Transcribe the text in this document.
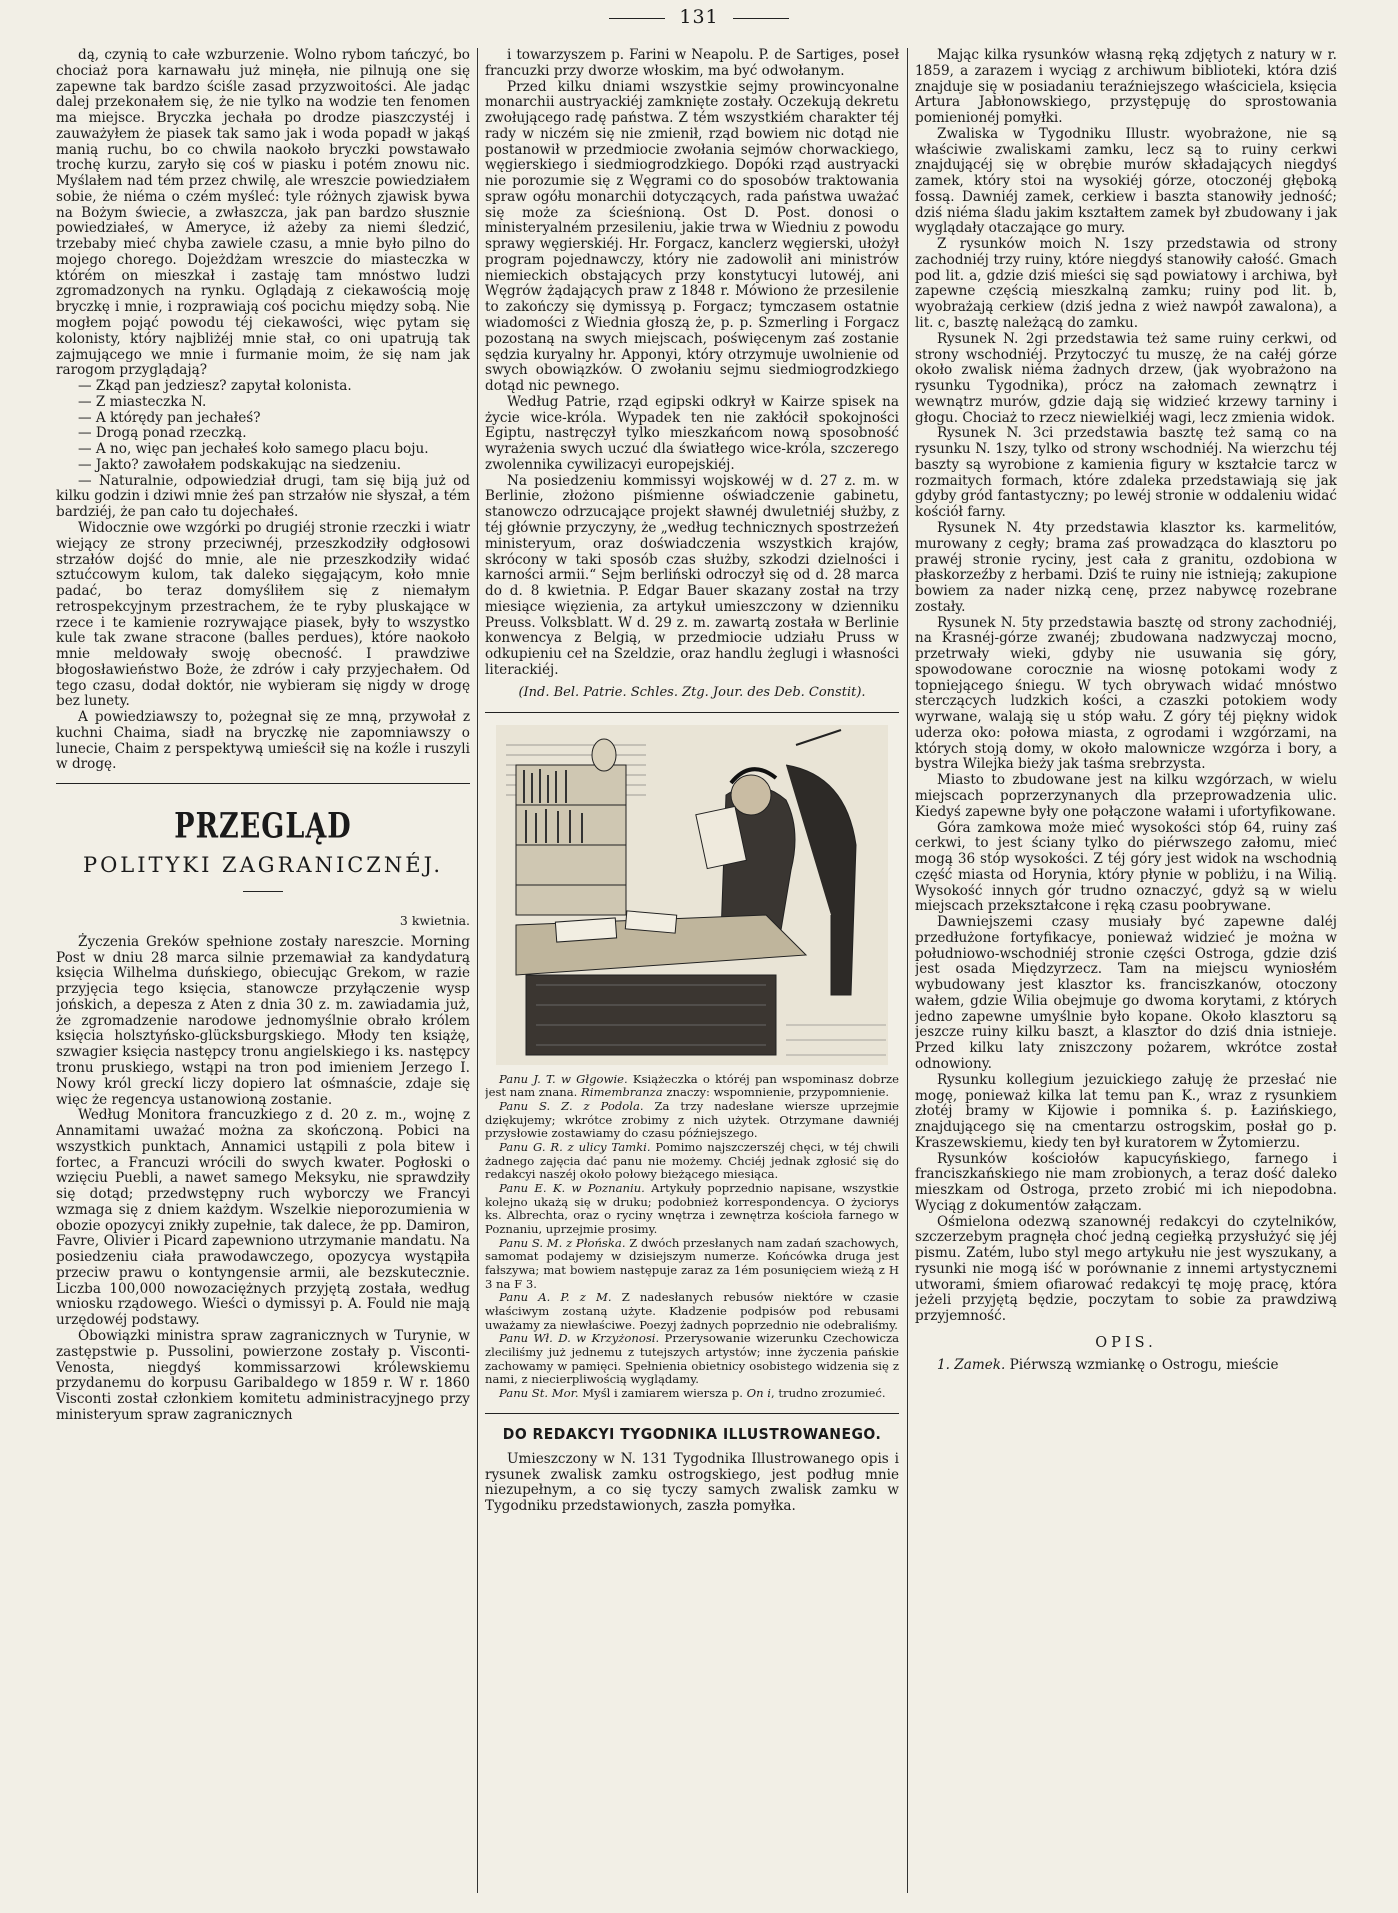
131

dą, czynią to całe wzburzenie. Wolno rybom tańczyć, bo chociaż pora karnawału już minęła, nie pilnują one się zapewne tak bardzo ściśle zasad przyzwoitości. Ale jadąc dalej przekonałem się, że nie tylko na wodzie ten fenomen ma miejsce. Bryczka jechała po drodze piaszczystéj i zauważyłem że piasek tak samo jak i woda popadł w jakąś manią ruchu, bo co chwila naokoło bryczki powstawało trochę kurzu, zaryło się coś w piasku i potém znowu nic. Myślałem nad tém przez chwilę, ale wreszcie powiedziałem sobie, że niéma o czém myśleć: tyle różnych zjawisk bywa na Bożym świecie, a zwłaszcza, jak pan bardzo słusznie powiedziałeś, w Ameryce, iż ażeby za niemi śledzić, trzebaby mieć chyba zawiele czasu, a mnie było pilno do mojego chorego. Dojeżdżam wreszcie do miasteczka w którém on mieszkał i zastaję tam mnóstwo ludzi zgromadzonych na rynku. Oglądają z ciekawością moję bryczkę i mnie, i rozprawiają coś pocichu między sobą. Nie mogłem pojąć powodu téj ciekawości, więc pytam się kolonisty, który najbliżéj mnie stał, co oni upatrują tak zajmującego we mnie i furmanie moim, że się nam jak rarogom przyglądają?

— Zkąd pan jedziesz? zapytał kolonista.

— Z miasteczka N.

— A którędy pan jechałeś?

— Drogą ponad rzeczką.

— A no, więc pan jechałeś koło samego placu boju.

— Jakto? zawołałem podskakując na siedzeniu.

— Naturalnie, odpowiedział drugi, tam się biją już od kilku godzin i dziwi mnie żeś pan strzałów nie słyszał, a tém bardziéj, że pan cało tu dojechałeś.

Widocznie owe wzgórki po drugiéj stronie rzeczki i wiatr wiejący ze strony przeciwnéj, przeszkodziły odgłosowi strzałów dojść do mnie, ale nie przeszkodziły widać sztućcowym kulom, tak daleko sięgającym, koło mnie padać, bo teraz domyśliłem się z niemałym retrospekcyjnym przestrachem, że te ryby pluskające w rzece i te kamienie rozrywające piasek, były to wszystko kule tak zwane stracone (balles perdues), które naokoło mnie meldowały swoję obecność. I prawdziwe błogosławieństwo Boże, że zdrów i cały przyjechałem. Od tego czasu, dodał doktór, nie wybieram się nigdy w drogę bez lunety.

A powiedziawszy to, pożegnał się ze mną, przywołał z kuchni Chaima, siadł na bryczkę nie zapomniawszy o lunecie, Chaim z perspektywą umieścił się na koźle i ruszyli w drogę.

PRZEGLĄD
POLITYKI ZAGRANICZNÉJ.
3 kwietnia.

Życzenia Greków spełnione zostały nareszcie. Morning Post w dniu 28 marca silnie przemawiał za kandydaturą księcia Wilhelma duńskiego, obiecując Grekom, w razie przyjęcia tego księcia, stanowcze przyłączenie wysp jońskich, a depesza z Aten z dnia 30 z. m. zawiadamia już, że zgromadzenie narodowe jednomyślnie obrało królem księcia holsztyńsko-glücksburgskiego. Młody ten książę, szwagier księcia następcy tronu angielskiego i ks. następcy tronu pruskiego, wstąpi na tron pod imieniem Jerzego I. Nowy król greckí liczy dopiero lat ośmnaście, zdaje się więc że regencya ustanowioną zostanie.

Według Monitora francuzkiego z d. 20 z. m., wojnę z Annamitami uważać można za skończoną. Pobici na wszystkich punktach, Annamici ustąpili z pola bitew i fortec, a Francuzi wrócili do swych kwater. Pogłoski o wzięciu Puebli, a nawet samego Meksyku, nie sprawdziły się dotąd; przedwstępny ruch wyborczy we Francyi wzmaga się z dniem każdym. Wszelkie nieporozumienia w obozie opozycyi znikły zupełnie, tak dalece, że pp. Damiron, Favre, Olivier i Picard zapewniono utrzymanie mandatu. Na posiedzeniu ciała prawodawczego, opozycya wystąpiła przeciw prawu o kontyngensie armii, ale bezskutecznie. Liczba 100,000 nowozaciężnych przyjętą została, według wniosku rządowego. Wieści o dymissyi p. A. Fould nie mają urzędowéj podstawy.

Obowiązki ministra spraw zagranicznych w Turynie, w zastępstwie p. Pussolini, powierzone zostały p. Visconti-Venosta, niegdyś kommissarzowi królewskiemu przydanemu do korpusu Garibaldego w 1859 r. W r. 1860 Visconti został członkiem komitetu administracyjnego przy ministeryum spraw zagranicznych

i towarzyszem p. Farini w Neapolu. P. de Sartiges, poseł francuzki przy dworze włoskim, ma być odwołanym.

Przed kilku dniami wszystkie sejmy prowincyonalne monarchii austryackiéj zamknięte zostały. Oczekują dekretu zwołującego radę państwa. Z tém wszystkiém charakter téj rady w niczém się nie zmienił, rząd bowiem nic dotąd nie postanowił w przedmiocie zwołania sejmów chorwackiego, węgierskiego i siedmiogrodzkiego. Dopóki rząd austryacki nie porozumie się z Węgrami co do sposobów traktowania spraw ogółu monarchii dotyczących, rada państwa uważać się może za ścieśnioną. Ost D. Post. donosi o ministeryalném przesileniu, jakie trwa w Wiedniu z powodu sprawy węgierskiéj. Hr. Forgacz, kanclerz węgierski, ułożył program pojednawczy, który nie zadowolił ani ministrów niemieckich obstających przy konstytucyi lutowéj, ani Węgrów żądających praw z 1848 r. Mówiono że przesilenie to zakończy się dymissyą p. Forgacz; tymczasem ostatnie wiadomości z Wiednia głoszą że, p. p. Szmerling i Forgacz pozostaną na swych miejscach, poświęcenym zaś zostanie sędzia kuryalny hr. Apponyi, który otrzymuje uwolnienie od swych obowiązków. O zwołaniu sejmu siedmiogrodzkiego dotąd nic pewnego.

Według Patrie, rząd egipski odkrył w Kairze spisek na życie wice-króla. Wypadek ten nie zakłócił spokojności Egiptu, nastręczył tylko mieszkańcom nową sposobność wyrażenia swych uczuć dla światłego wice-króla, szczerego zwolennika cywilizacyi europejskiéj.

Na posiedzeniu kommissyi wojskowéj w d. 27 z. m. w Berlinie, złożono piśmienne oświadczenie gabinetu, stanowczo odrzucające projekt sławnéj dwuletniéj służby, z téj głównie przyczyny, że „według technicznych spostrzeżeń ministeryum, oraz doświadczenia wszystkich krajów, skrócony w taki sposób czas służby, szkodzi dzielności i karności armii.“ Sejm berliński odroczył się od d. 28 marca do d. 8 kwietnia. P. Edgar Bauer skazany został na trzy miesiące więzienia, za artykuł umieszczony w dzienniku Preuss. Volksblatt. W d. 29 z. m. zawartą została w Berlinie konwencya z Belgią, w przedmiocie udziału Pruss w odkupieniu ceł na Szeldzie, oraz handlu żeglugi i własności literackiéj.

(Ind. Bel. Patrie. Schles. Ztg. Jour. des Deb. Constit).

Panu J. T. w Głgowie. Książeczka o któréj pan wspominasz dobrze jest nam znana. Rimembranza znaczy: wspomnienie, przypomnienie.

Panu S. Z. z Podola. Za trzy nadesłane wiersze uprzejmie dziękujemy; wkrótce zrobimy z nich użytek. Otrzymane dawniéj przysłowie zostawiamy do czasu późniejszego.

Panu G. R. z ulicy Tamki. Pomimo najszczerszéj chęci, w téj chwili żadnego zajęcia dać panu nie możemy. Chciéj jednak zgłosić się do redakcyi naszéj około połowy bieżącego miesiąca.

Panu E. K. w Poznaniu. Artykuły poprzednio napisane, wszystkie kolejno ukażą się w druku; podobnież korrespondencya. O życiorys ks. Albrechta, oraz o ryciny wnętrza i zewnętrza kościoła farnego w Poznaniu, uprzejmie prosimy.

Panu S. M. z Płońska. Z dwóch przesłanych nam zadań szachowych, samomat podajemy w dzisiejszym numerze. Końcówka druga jest fałszywa; mat bowiem następuje zaraz za 1ém posunięciem wieżą z H 3 na F 3.

Panu A. P. z M. Z nadesłanych rebusów niektóre w czasie właściwym zostaną użyte. Kładzenie podpisów pod rebusami uważamy za niewłaściwe. Poezyj żadnych poprzednio nie odebraliśmy.

Panu Wł. D. w Krzyżonosi. Przerysowanie wizerunku Czechowicza zleciliśmy już jednemu z tutejszych artystów; inne życzenia pańskie zachowamy w pamięci. Spełnienia obietnicy osobistego widzenia się z nami, z niecierpliwością wyglądamy.

Panu St. Mor. Myśl i zamiarem wiersza p. On i, trudno zrozumieć.

DO REDAKCYI TYGODNIKA ILLUSTROWANEGO.

Umieszczony w N. 131 Tygodnika Illustrowanego opis i rysunek zwalisk zamku ostrogskiego, jest podług mnie niezupełnym, a co się tyczy samych zwalisk zamku w Tygodniku przedstawionych, zaszła pomyłka.

Mając kilka rysunków własną ręką zdjętych z natury w r. 1859, a zarazem i wyciąg z archiwum biblioteki, która dziś znajduje się w posiadaniu teraźniejszego właściciela, księcia Artura Jabłonowskiego, przystępuję do sprostowania pomienionéj pomyłki.

Zwaliska w Tygodniku Illustr. wyobrażone, nie są właściwie zwaliskami zamku, lecz są to ruiny cerkwi znajdującéj się w obrębie murów składających niegdyś zamek, który stoi na wysokiéj górze, otoczonéj głęboką fossą. Dawniéj zamek, cerkiew i baszta stanowiły jedność; dziś niéma śladu jakim kształtem zamek był zbudowany i jak wyglądały otaczające go mury.

Z rysunków moich N. 1szy przedstawia od strony zachodniéj trzy ruiny, które niegdyś stanowiły całość. Gmach pod lit. a, gdzie dziś mieści się sąd powiatowy i archiwa, był zapewne częścią mieszkalną zamku; ruiny pod lit. b, wyobrażają cerkiew (dziś jedna z wież nawpół zawalona), a lit. c, basztę należącą do zamku.

Rysunek N. 2gi przedstawia też same ruiny cerkwi, od strony wschodniéj. Przytoczyć tu muszę, że na całéj górze około zwalisk niéma żadnych drzew, (jak wyobrażono na rysunku Tygodnika), prócz na załomach zewnątrz i wewnątrz murów, gdzie dają się widzieć krzewy tarniny i głogu. Chociaż to rzecz niewielkiéj wagi, lecz zmienia widok.

Rysunek N. 3ci przedstawia basztę też samą co na rysunku N. 1szy, tylko od strony wschodniéj. Na wierzchu téj baszty są wyrobione z kamienia figury w kształcie tarcz w rozmaitych formach, które zdaleka przedstawiają się jak gdyby gród fantastyczny; po lewéj stronie w oddaleniu widać kościół farny.

Rysunek N. 4ty przedstawia klasztor ks. karmelitów, murowany z cegły; brama zaś prowadząca do klasztoru po prawéj stronie ryciny, jest cała z granitu, ozdobiona w płaskorzeźby z herbami. Dziś te ruiny nie istnieją; zakupione bowiem za nader nizką cenę, przez nabywcę rozebrane zostały.

Rysunek N. 5ty przedstawia basztę od strony zachodniéj, na Krasnéj-górze zwanéj; zbudowana nadzwyczaj mocno, przetrwały wieki, gdyby nie usuwania się góry, spowodowane corocznie na wiosnę potokami wody z topniejącego śniegu. W tych obrywach widać mnóstwo sterczących ludzkich kości, a czaszki potokiem wody wyrwane, walają się u stóp wału. Z góry téj piękny widok uderza oko: połowa miasta, z ogrodami i wzgórzami, na których stoją domy, w około malownicze wzgórza i bory, a bystra Wilejka bieży jak taśma srebrzysta.

Miasto to zbudowane jest na kilku wzgórzach, w wielu miejscach poprzerzynanych dla przeprowadzenia ulic. Kiedyś zapewne były one połączone wałami i ufortyfikowane.

Góra zamkowa może mieć wysokości stóp 64, ruiny zaś cerkwi, to jest ściany tylko do piérwszego załomu, mieć mogą 36 stóp wysokości. Z téj góry jest widok na wschodnią część miasta od Horynia, który płynie w pobliżu, i na Wilią. Wysokość innych gór trudno oznaczyć, gdyż są w wielu miejscach przekształcone i ręką czasu poobrywane.

Dawniejszemi czasy musiały być zapewne daléj przedłużone fortyfikacye, ponieważ widzieć je można w południowo-wschodniéj stronie części Ostroga, gdzie dziś jest osada Międzyrzecz. Tam na miejscu wyniosłém wybudowany jest klasztor ks. franciszkanów, otoczony wałem, gdzie Wilia obejmuje go dwoma korytami, z których jedno zapewne umyślnie było kopane. Około klasztoru są jeszcze ruiny kilku baszt, a klasztor do dziś dnia istnieje. Przed kilku laty zniszczony pożarem, wkrótce został odnowiony.

Rysunku kollegium jezuickiego załuję że przesłać nie mogę, ponieważ kilka lat temu pan K., wraz z rysunkiem złotéj bramy w Kijowie i pomnika ś. p. Łazińskiego, znajdującego się na cmentarzu ostrogskim, posłał go p. Kraszewskiemu, kiedy ten był kuratorem w Żytomierzu.

Rysunków kościołów kapucyńskiego, farnego i franciszkańskiego nie mam zrobionych, a teraz dość daleko mieszkam od Ostroga, przeto zrobić mi ich niepodobna. Wyciąg z dokumentów załączam.

Ośmielona odezwą szanownéj redakcyi do czytelników, szczerzebym pragnęła choć jedną cegiełką przysłużyć się jéj pismu. Zatém, lubo styl mego artykułu nie jest wyszukany, a rysunki nie mogą iść w porównanie z innemi artystycznemi utworami, śmiem ofiarować redakcyi tę moję pracę, która jeżeli przyjętą będzie, poczytam to sobie za prawdziwą przyjemność.

OPIS.

1. Zamek. Piérwszą wzmiankę o Ostrogu, mieście
